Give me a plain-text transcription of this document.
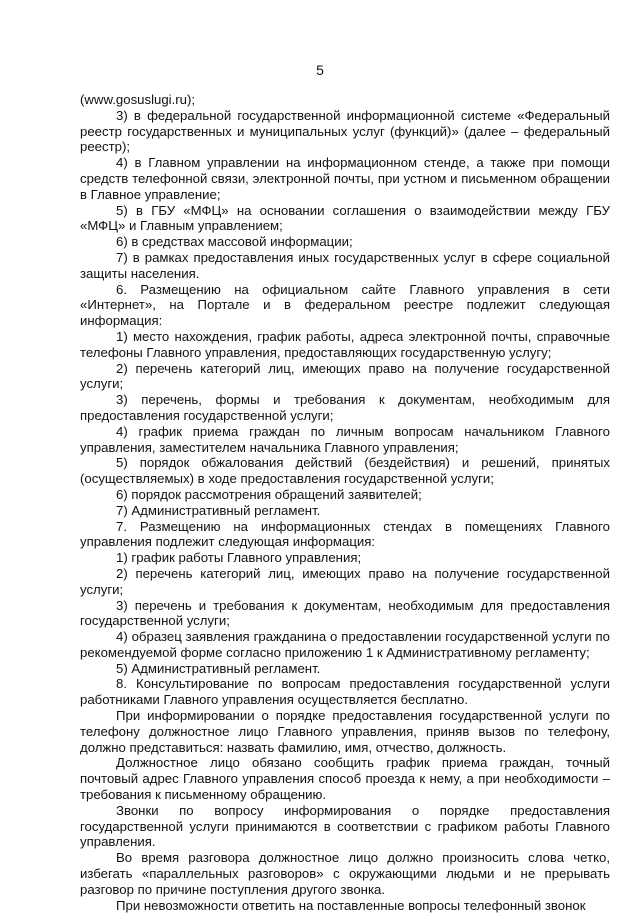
5

(www.gosuslugi.ru);

3) в федеральной государственной информационной системе «Федеральный реестр государственных и муниципальных услуг (функций)» (далее – федеральный реестр);

4) в Главном управлении на информационном стенде, а также при помощи средств телефонной связи, электронной почты, при устном и письменном обращении в Главное управление;

5) в ГБУ «МФЦ» на основании соглашения о взаимодействии между ГБУ «МФЦ» и Главным управлением;

6) в средствах массовой информации;

7) в рамках предоставления иных государственных услуг в сфере социальной защиты населения.

6. Размещению на официальном сайте Главного управления в сети «Интернет», на Портале и в федеральном реестре подлежит следующая информация:

1) место нахождения, график работы, адреса электронной почты, справочные телефоны Главного управления, предоставляющих государственную услугу;

2) перечень категорий лиц, имеющих право на получение государственной услуги;

3) перечень, формы и требования к документам, необходимым для предоставления государственной услуги;

4) график приема граждан по личным вопросам начальником Главного управления, заместителем начальника Главного управления;

5) порядок обжалования действий (бездействия) и решений, принятых (осуществляемых) в ходе предоставления государственной услуги;

6) порядок рассмотрения обращений заявителей;

7) Административный регламент.

7. Размещению на информационных стендах в помещениях Главного управления подлежит следующая информация:

1) график работы Главного управления;

2) перечень категорий лиц, имеющих право на получение государственной услуги;

3) перечень и требования к документам, необходимым для предоставления государственной услуги;

4) образец заявления гражданина о предоставлении государственной услуги по рекомендуемой форме согласно приложению 1 к Административному регламенту;

5) Административный регламент.

8. Консультирование по вопросам предоставления государственной услуги работниками Главного управления осуществляется бесплатно.

При информировании о порядке предоставления государственной услуги по телефону должностное лицо Главного управления, приняв вызов по телефону, должно представиться: назвать фамилию, имя, отчество, должность.

Должностное лицо обязано сообщить график приема граждан, точный почтовый адрес Главного управления способ проезда к нему, а при необходимости – требования к письменному обращению.

Звонки по вопросу информирования о порядке предоставления государственной услуги принимаются в соответствии с графиком работы Главного управления.

Во время разговора должностное лицо должно произносить слова четко, избегать «параллельных разговоров» с окружающими людьми и не прерывать разговор по причине поступления другого звонка.

При невозможности ответить на поставленные вопросы телефонный звонок
